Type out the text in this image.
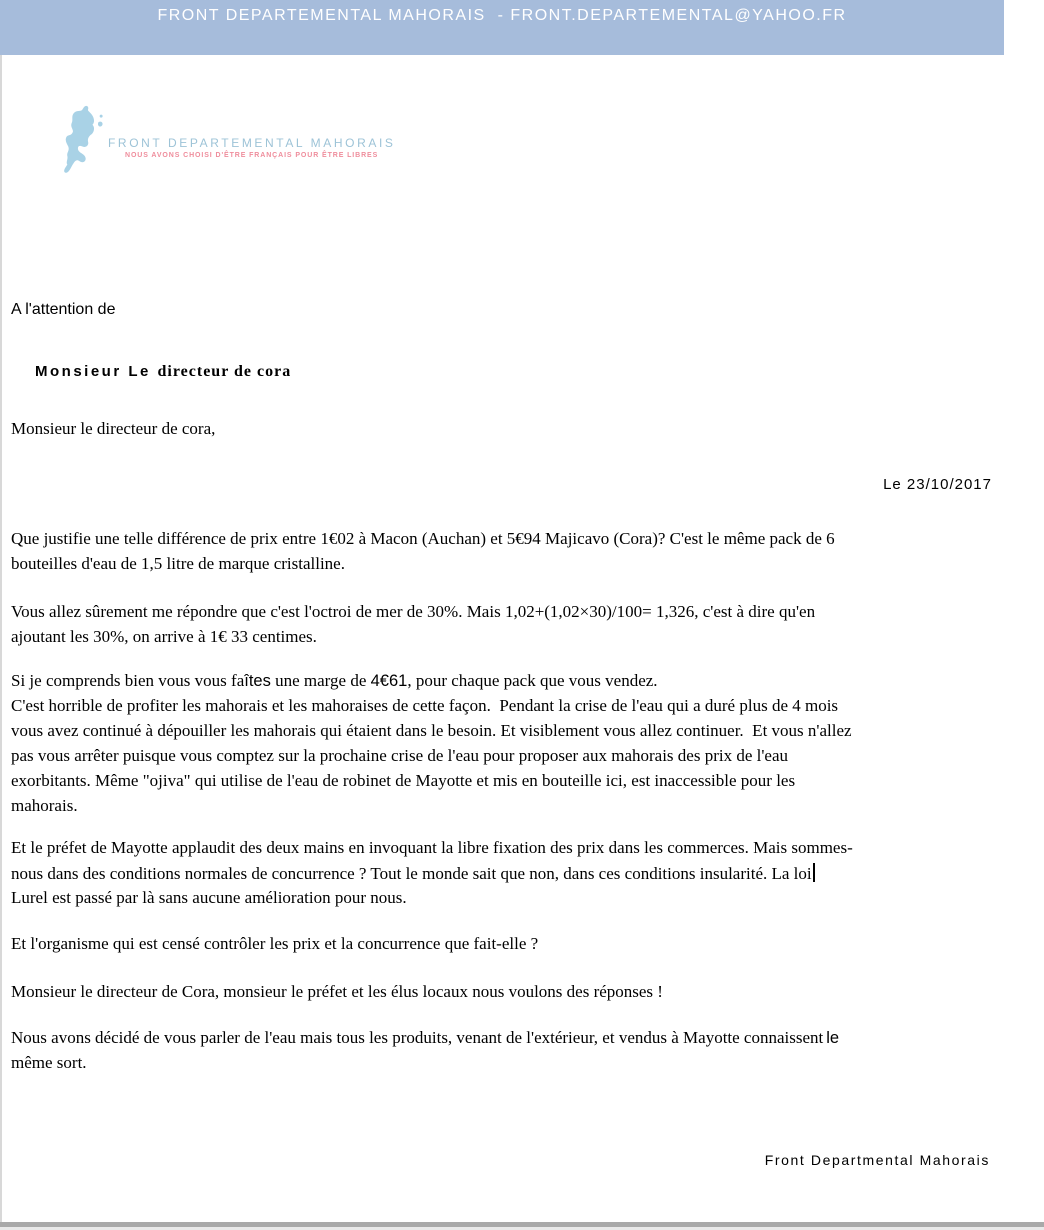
FRONT DEPARTEMENTAL MAHORAIS  - FRONT.DEPARTEMENTAL@YAHOO.FR
FRONT DEPARTEMENTAL MAHORAIS
NOUS AVONS CHOISI D'ÊTRE FRANÇAIS POUR ÊTRE LIBRES
A l'attention de

Monsieur Le directeur de cora

Monsieur le directeur de cora,
Le 23/10/2017
Que justifie une telle différence de prix entre 1€02 à Macon (Auchan) et 5€94 Majicavo (Cora)? C'est le même pack de 6
bouteilles d'eau de 1,5 litre de marque cristalline.
Vous allez sûrement me répondre que c'est l'octroi de mer de 30%. Mais 1,02+(1,02×30)/100= 1,326, c'est à dire qu'en
ajoutant les 30%, on arrive à 1€ 33 centimes.
Si je comprends bien vous vous faîtes une marge de 4€61, pour chaque pack que vous vendez.
C'est horrible de profiter les mahorais et les mahoraises de cette façon.  Pendant la crise de l'eau qui a duré plus de 4 mois
vous avez continué à dépouiller les mahorais qui étaient dans le besoin. Et visiblement vous allez continuer.  Et vous n'allez
pas vous arrêter puisque vous comptez sur la prochaine crise de l'eau pour proposer aux mahorais des prix de l'eau
exorbitants. Même "ojiva" qui utilise de l'eau de robinet de Mayotte et mis en bouteille ici, est inaccessible pour les
mahorais.
Et le préfet de Mayotte applaudit des deux mains en invoquant la libre fixation des prix dans les commerces. Mais sommes-
nous dans des conditions normales de concurrence ? Tout le monde sait que non, dans ces conditions insularité. La loi
Lurel est passé par là sans aucune amélioration pour nous.
Et l'organisme qui est censé contrôler les prix et la concurrence que fait-elle ?
Monsieur le directeur de Cora, monsieur le préfet et les élus locaux nous voulons des réponses !
Nous avons décidé de vous parler de l'eau mais tous les produits, venant de l'extérieur, et vendus à Mayotte connaissent le
même sort.
Front Departmental Mahorais
